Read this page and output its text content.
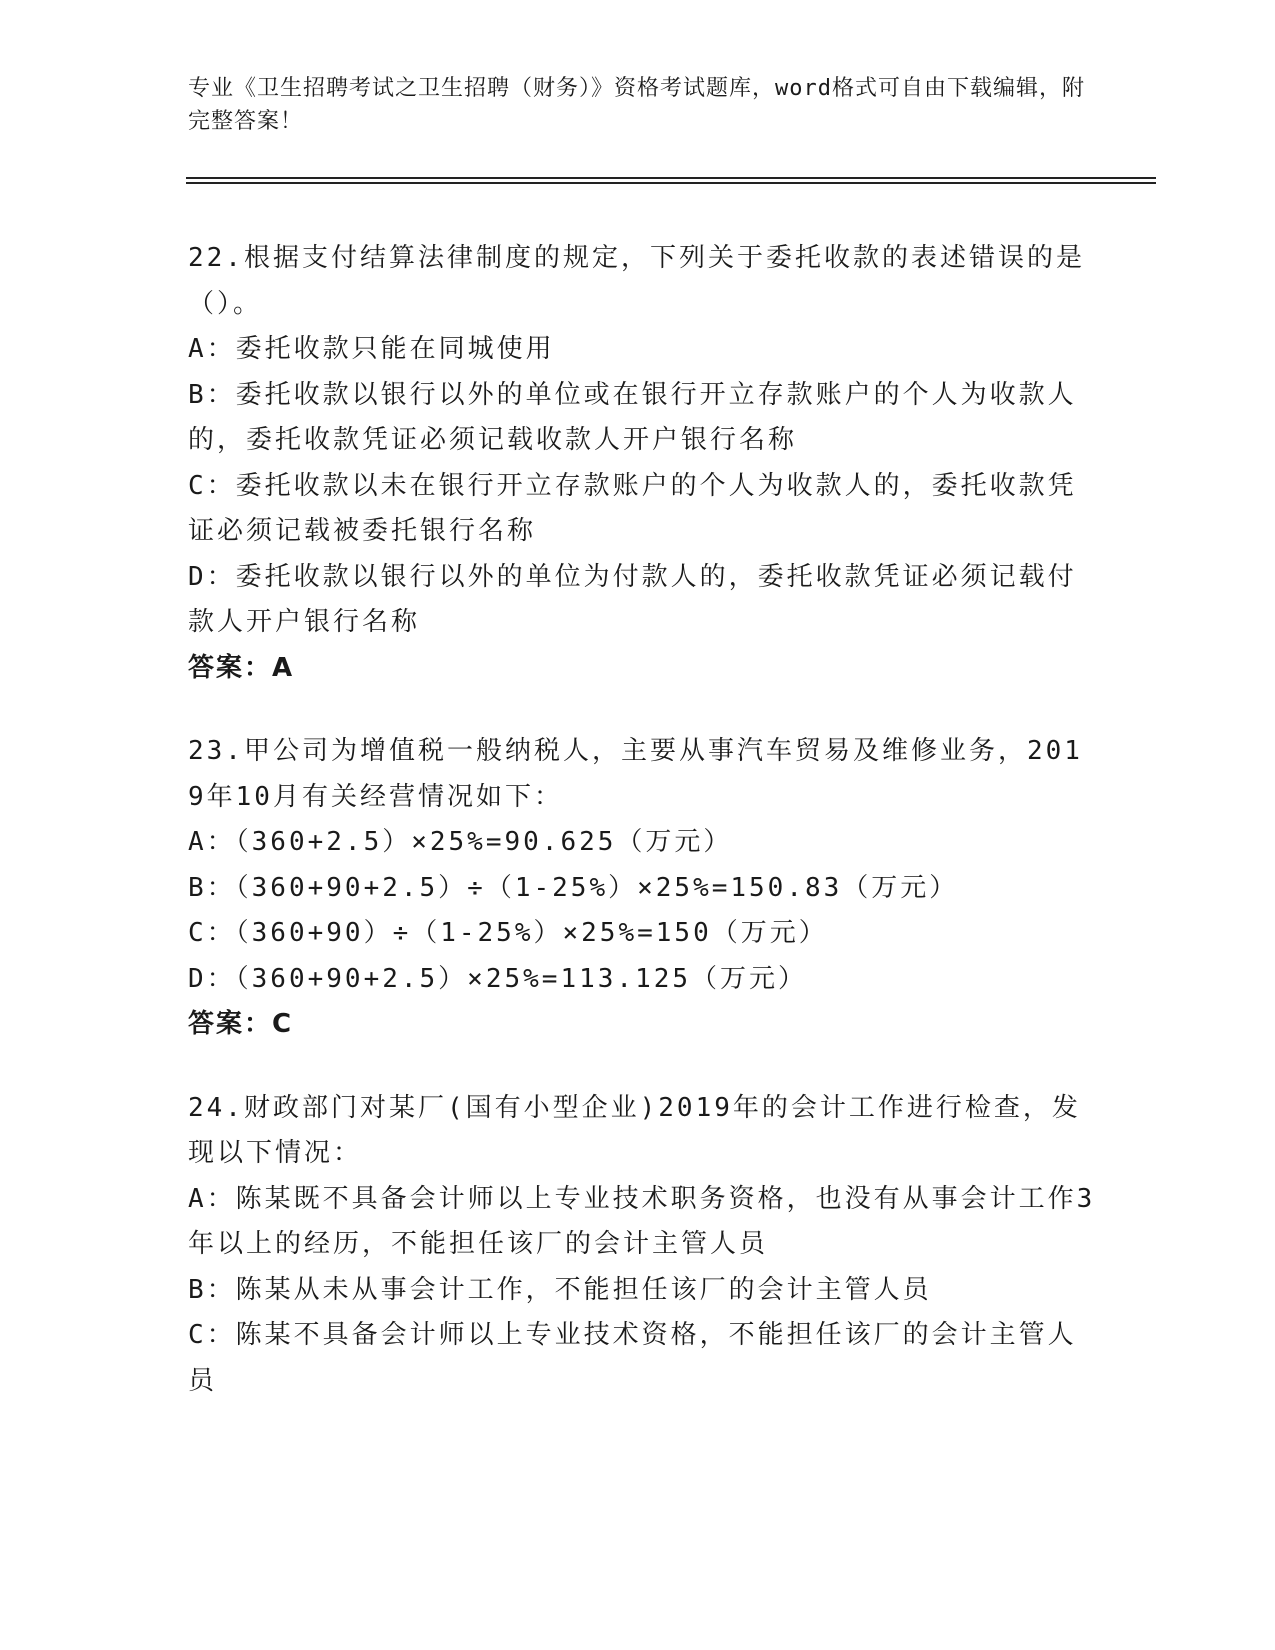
专业《卫生招聘考试之卫生招聘（财务）》资格考试题库，word格式可自由下载编辑，附完整答案！

22.根据支付结算法律制度的规定，下列关于委托收款的表述错误的是（）。

A：委托收款只能在同城使用

B：委托收款以银行以外的单位或在银行开立存款账户的个人为收款人的，委托收款凭证必须记载收款人开户银行名称

C：委托收款以未在银行开立存款账户的个人为收款人的，委托收款凭证必须记载被委托银行名称

D：委托收款以银行以外的单位为付款人的，委托收款凭证必须记载付款人开户银行名称

答案：A

23.甲公司为增值税一般纳税人，主要从事汽车贸易及维修业务，2019年10月有关经营情况如下：

A：（360+2.5）×25%=90.625（万元）

B：（360+90+2.5）÷（1-25%）×25%=150.83（万元）

C：（360+90）÷（1-25%）×25%=150（万元）

D：（360+90+2.5）×25%=113.125（万元）

答案：C

24.财政部门对某厂(国有小型企业)2019年的会计工作进行检查，发现以下情况：

A：陈某既不具备会计师以上专业技术职务资格，也没有从事会计工作3年以上的经历，不能担任该厂的会计主管人员

B：陈某从未从事会计工作，不能担任该厂的会计主管人员

C：陈某不具备会计师以上专业技术资格，不能担任该厂的会计主管人员
